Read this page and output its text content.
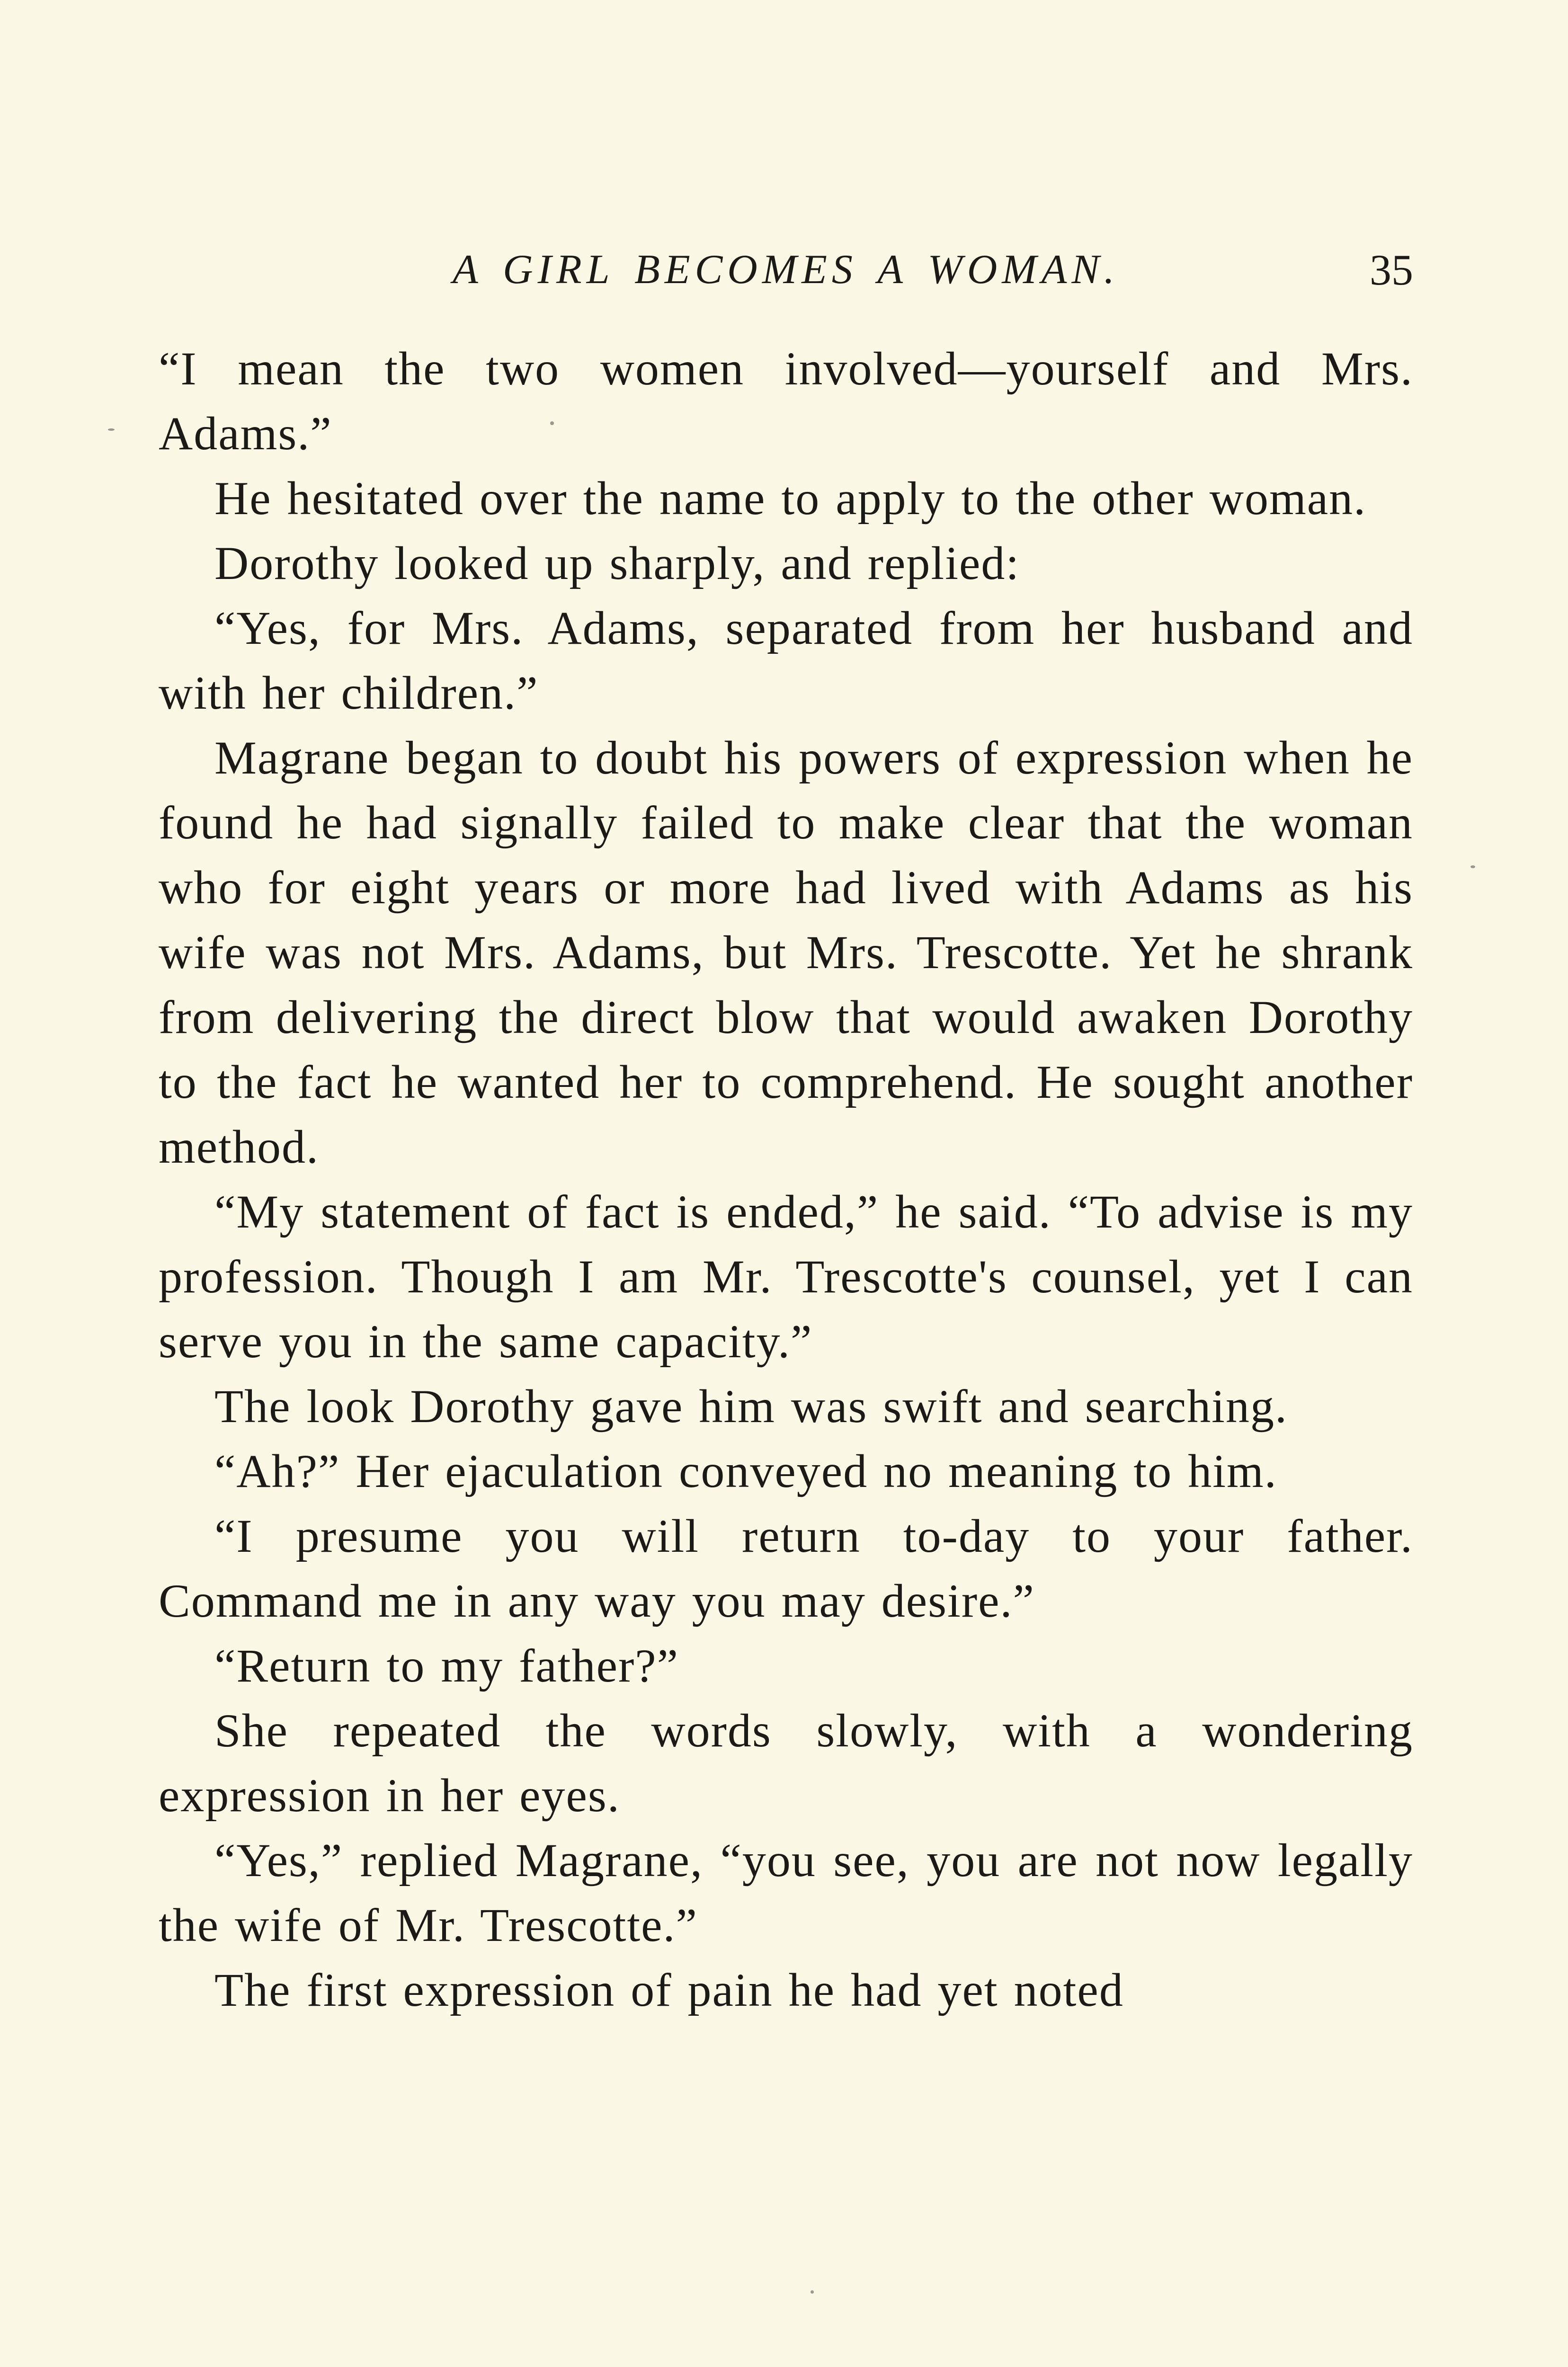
A GIRL BECOMES A WOMAN.	35

“I mean the two women involved—yourself and Mrs. Adams.”

He hesitated over the name to apply to the other woman.

Dorothy looked up sharply, and replied:

“Yes, for Mrs. Adams, separated from her husband and with her children.”

Magrane began to doubt his powers of expression when he found he had signally failed to make clear that the woman who for eight years or more had lived with Adams as his wife was not Mrs. Adams, but Mrs. Trescotte. Yet he shrank from delivering the direct blow that would awaken Dorothy to the fact he wanted her to comprehend. He sought another method.

“My statement of fact is ended,” he said. “To advise is my profession. Though I am Mr. Trescotte's counsel, yet I can serve you in the same capacity.”

The look Dorothy gave him was swift and searching.

“Ah?” Her ejaculation conveyed no meaning to him.

“I presume you will return to-day to your father. Command me in any way you may desire.”

“Return to my father?”

She repeated the words slowly, with a wondering expression in her eyes.

“Yes,” replied Magrane, “you see, you are not now legally the wife of Mr. Trescotte.”

The first expression of pain he had yet noted
